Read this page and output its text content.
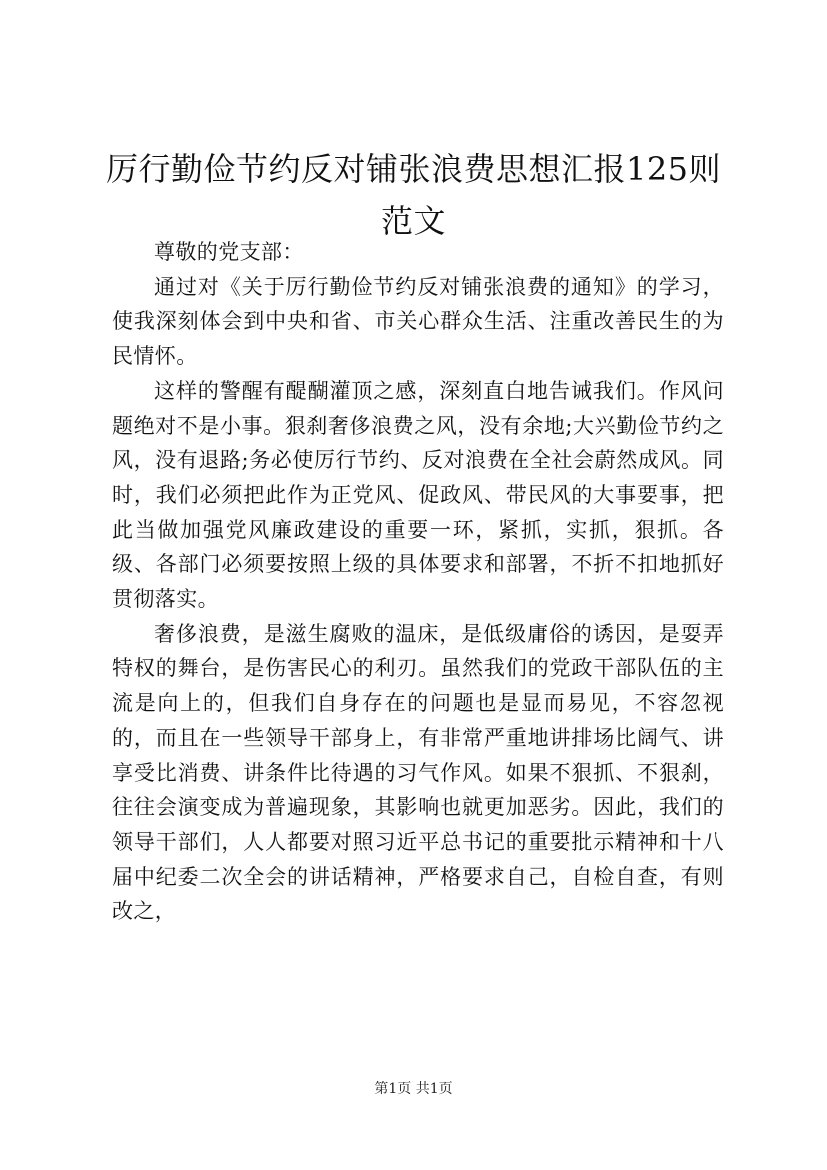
厉行勤俭节约反对铺张浪费思想汇报125则范文

尊敬的党支部：

通过对《关于厉行勤俭节约反对铺张浪费的通知》的学习，使我深刻体会到中央和省、市关心群众生活、注重改善民生的为民情怀。

这样的警醒有醍醐灌顶之感，深刻直白地告诫我们。作风问题绝对不是小事。狠刹奢侈浪费之风，没有余地;大兴勤俭节约之风，没有退路;务必使厉行节约、反对浪费在全社会蔚然成风。同时，我们必须把此作为正党风、促政风、带民风的大事要事，把此当做加强党风廉政建设的重要一环，紧抓，实抓，狠抓。各级、各部门必须要按照上级的具体要求和部署，不折不扣地抓好贯彻落实。

奢侈浪费，是滋生腐败的温床，是低级庸俗的诱因，是耍弄特权的舞台，是伤害民心的利刃。虽然我们的党政干部队伍的主流是向上的，但我们自身存在的问题也是显而易见，不容忽视的，而且在一些领导干部身上，有非常严重地讲排场比阔气、讲享受比消费、讲条件比待遇的习气作风。如果不狠抓、不狠刹，往往会演变成为普遍现象，其影响也就更加恶劣。因此，我们的领导干部们，人人都要对照习近平总书记的重要批示精神和十八届中纪委二次全会的讲话精神，严格要求自己，自检自查，有则改之，

第1页 共1页
